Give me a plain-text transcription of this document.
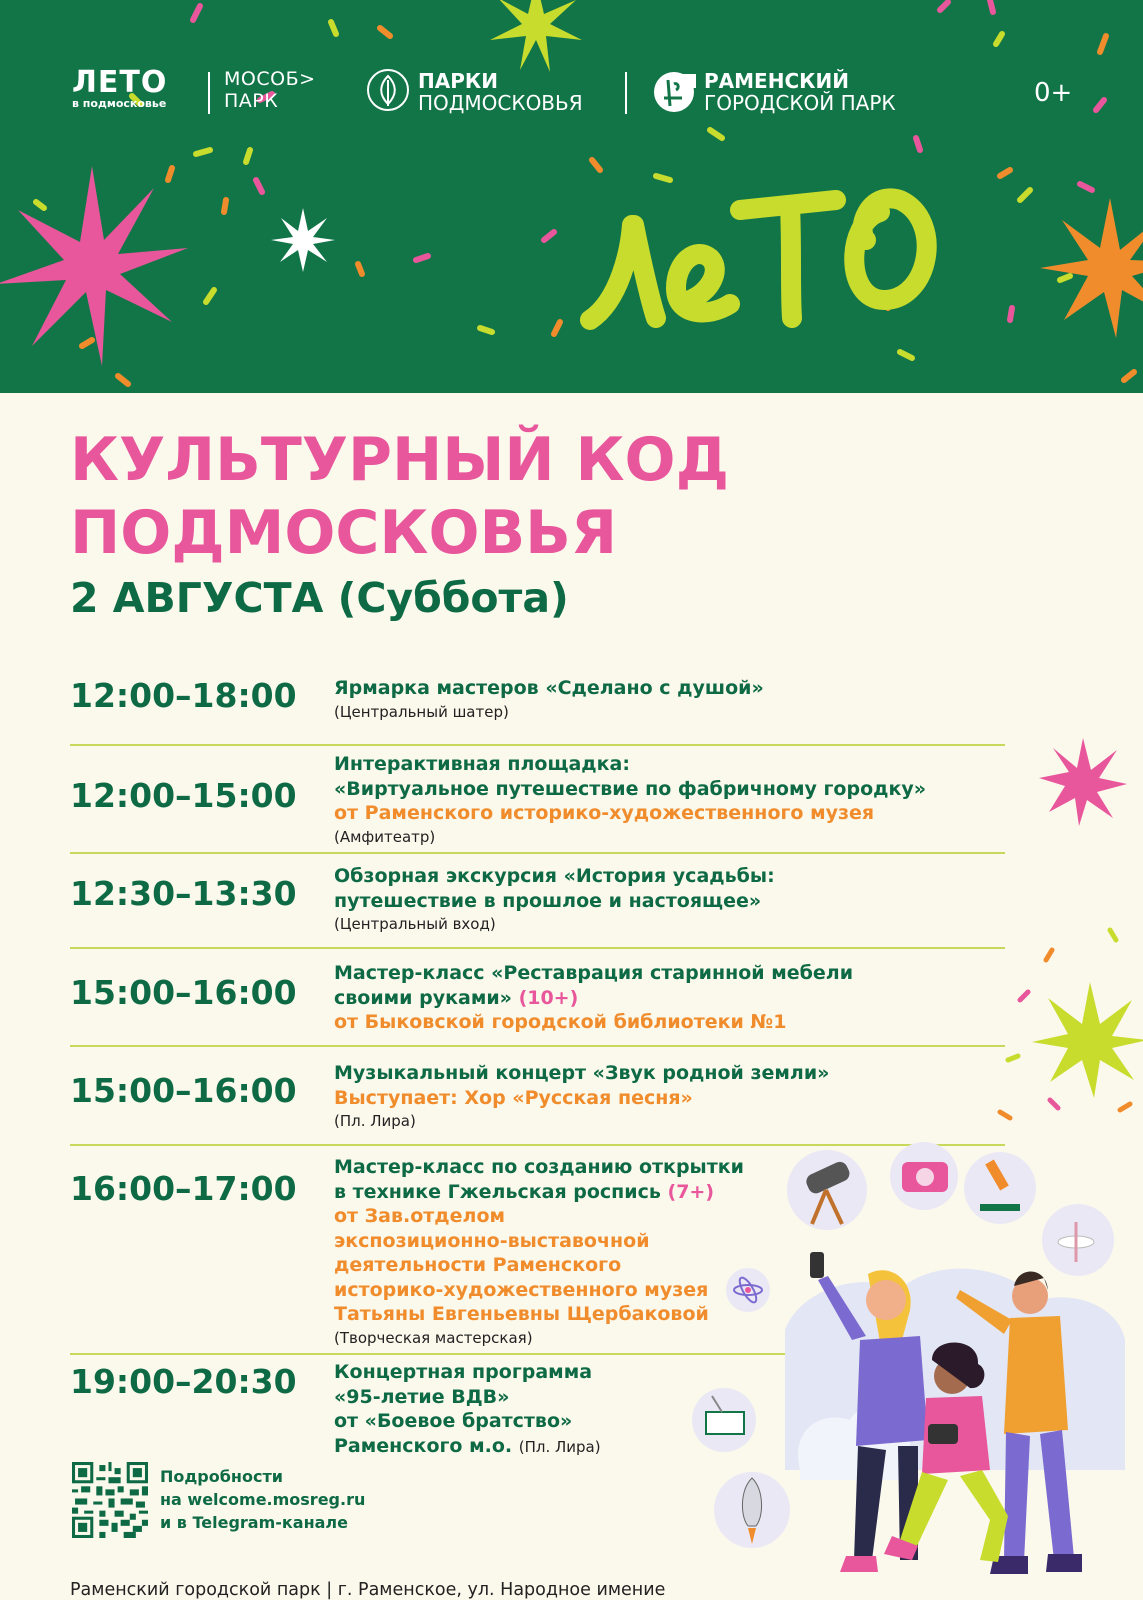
ЛЕТО
в подмосковье
МОСОБ>
ПАРК
ПАРКИ
ПОДМОСКОВЬЯ
РАМЕНСКИЙ
ГОРОДСКОЙ ПАРК	0+
КУЛЬТУРНЫЙ КОД
ПОДМОСКОВЬЯ
2 АВГУСТА (Суббота)
12:00–18:00 Ярмарка мастеров «Сделано с душой»
(Центральный шатер)
12:00–15:00
Интерактивная площадка:
«Виртуальное путешествие по фабричному городку»
от Раменского историко-художественного музея
(Амфитеатр)
12:30–13:30 Обзорная экскурсия «История усадьбы:
путешествие в прошлое и настоящее»
(Центральный вход)
15:00–16:00 Мастер-класс «Реставрация старинной мебели
своими руками» (10+)
от Быковской городской библиотеки №1
15:00–16:00 Музыкальный концерт «Звук родной земли»
Выступает: Хор «Русская песня»
(Пл. Лира)
16:00–17:00
Мастер-класс по созданию открытки
в технике Гжельская роспись (7+)
от Зав.отделом
экспозиционно-выставочной
деятельности Раменского
историко-художественного музея
Татьяны Евгеньевны Щербаковой
(Творческая мастерская)
19:00–20:30 Концертная программа
«95-летие ВДВ»
от «Боевое братство»
Раменского м.о. (Пл. Лира)
Подробности
на welcome.mosreg.ru
и в Telegram-канале
Раменский городской парк | г. Раменское, ул. Народное имение
